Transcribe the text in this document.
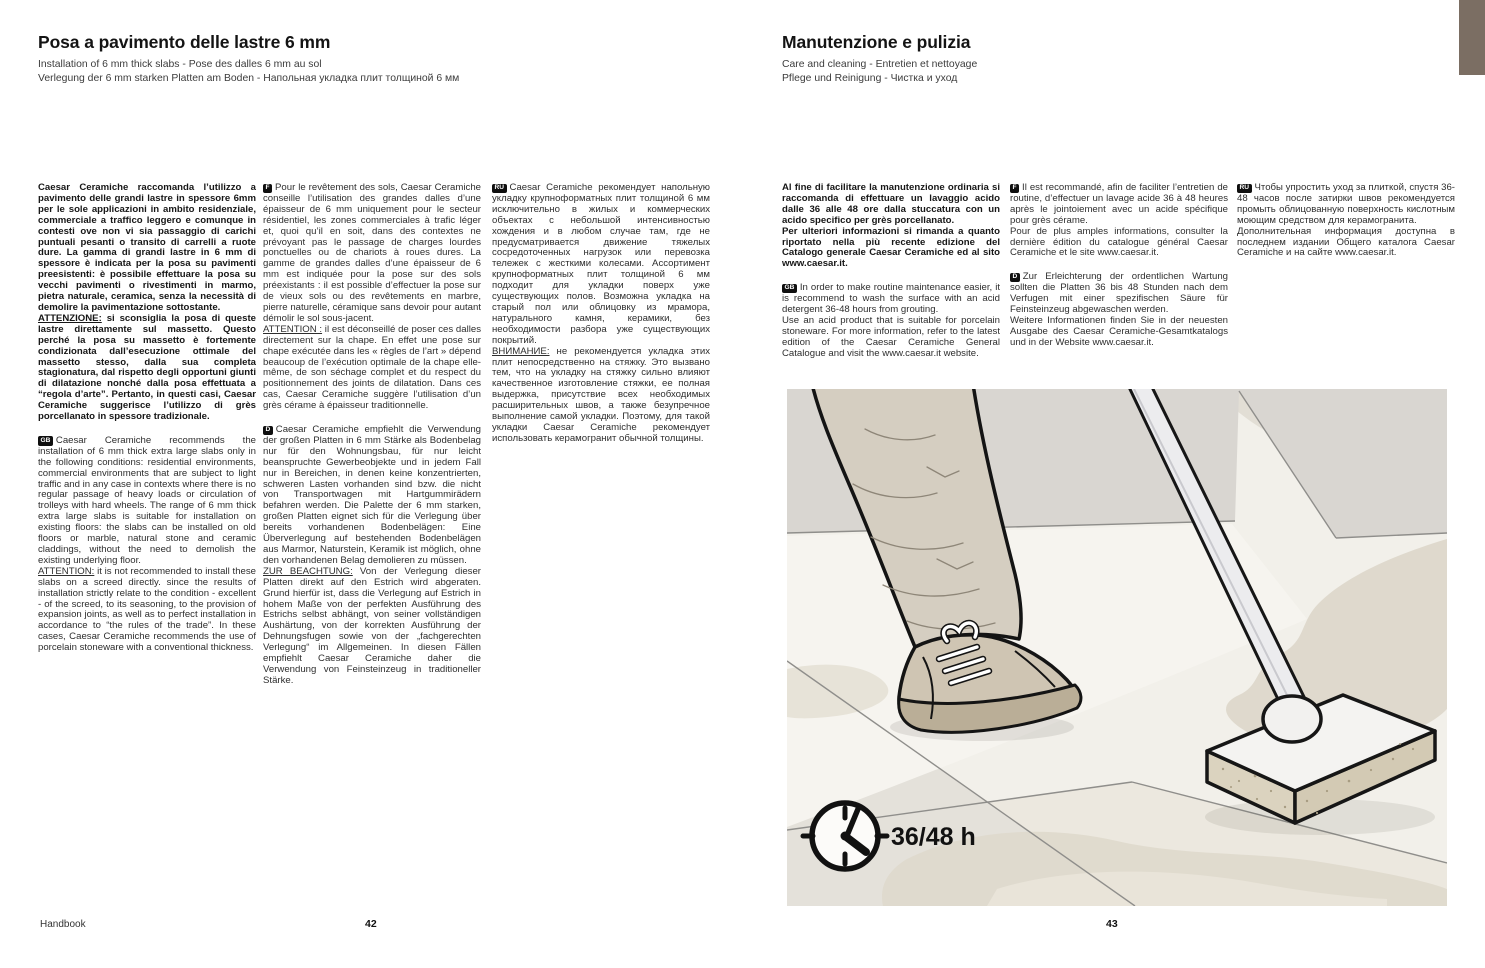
Posa a pavimento delle lastre 6 mm
Installation of 6 mm thick slabs - Pose des dalles 6 mm au sol
Verlegung der 6 mm starken Platten am Boden - Напольная укладка плит толщиной 6 мм
Manutenzione e pulizia
Care and cleaning - Entretien et nettoyage
Pflege und Reinigung - Чистка и уход
Caesar Ceramiche raccomanda l’utilizzo a pavimento delle grandi lastre in spessore 6mm per le sole applicazioni in ambito residenziale, commerciale a traffico leggero e comunque in contesti ove non vi sia passaggio di carichi puntuali pesanti o transito di carrelli a ruote dure. La gamma di grandi lastre in 6 mm di spessore è indicata per la posa su pavimenti preesistenti: è possibile effettuare la posa su vecchi pavimenti o rivestimenti in marmo, pietra naturale, ceramica, senza la necessità di demolire la pavimentazione sottostante.
ATTENZIONE: si sconsiglia la posa di queste lastre direttamente sul massetto. Questo perché la posa su massetto è fortemente condizionata dall’esecuzione ottimale del massetto stesso, dalla sua completa stagionatura, dal rispetto degli opportuni giunti di dilatazione nonché dalla posa effettuata a “regola d’arte”. Pertanto, in questi casi, Caesar Ceramiche suggerisce l’utilizzo di grès porcellanato in spessore tradizionale.
GB Caesar Ceramiche recommends the installation of 6 mm thick extra large slabs only in the following conditions: residential environments, commercial environments that are subject to light traffic and in any case in contexts where there is no regular passage of heavy loads or circulation of trolleys with hard wheels. The range of 6 mm thick extra large slabs is suitable for installation on existing floors: the slabs can be installed on old floors or marble, natural stone and ceramic claddings, without the need to demolish the existing underlying floor.
ATTENTION: it is not recommended to install these slabs on a screed directly. since the results of installation strictly relate to the condition - excellent - of the screed, to its seasoning, to the provision of expansion joints, as well as to perfect installation in accordance to “the rules of the trade”. In these cases, Caesar Ceramiche recommends the use of porcelain stoneware with a conventional thickness.
F Pour le revêtement des sols, Caesar Ceramiche conseille l’utilisation des grandes dalles d’une épaisseur de 6 mm uniquement pour le secteur résidentiel, les zones commerciales à trafic léger et, quoi qu’il en soit, dans des contextes ne prévoyant pas le passage de charges lourdes ponctuelles ou de chariots à roues dures. La gamme de grandes dalles d’une épaisseur de 6 mm est indiquée pour la pose sur des sols préexistants : il est possible d’effectuer la pose sur de vieux sols ou des revêtements en marbre, pierre naturelle, céramique sans devoir pour autant démolir le sol sous-jacent.
ATTENTION : il est déconseillé de poser ces dalles directement sur la chape. En effet une pose sur chape exécutée dans les « règles de l’art » dépend beaucoup de l’exécution optimale de la chape elle-même, de son séchage complet et du respect du positionnement des joints de dilatation. Dans ces cas, Caesar Ceramiche suggère l’utilisation d’un grès cérame à épaisseur traditionnelle.
D Caesar Ceramiche empfiehlt die Verwendung der großen Platten in 6 mm Stärke als Bodenbelag nur für den Wohnungsbau, für nur leicht beanspruchte Gewerbeobjekte und in jedem Fall nur in Bereichen, in denen keine konzentrierten, schweren Lasten vorhanden sind bzw. die nicht von Transportwagen mit Hartgummirädern befahren werden. Die Palette der 6 mm starken, großen Platten eignet sich für die Verlegung über bereits vorhandenen Bodenbelägen: Eine Überverlegung auf bestehenden Bodenbelägen aus Marmor, Naturstein, Keramik ist möglich, ohne den vorhandenen Belag demolieren zu müssen.
ZUR BEACHTUNG: Von der Verlegung dieser Platten direkt auf den Estrich wird abgeraten. Grund hierfür ist, dass die Verlegung auf Estrich in hohem Maße von der perfekten Ausführung des Estrichs selbst abhängt, von seiner vollständigen Aushärtung, von der korrekten Ausführung der Dehnungsfugen sowie von der „fachgerechten Verlegung“ im Allgemeinen. In diesen Fällen empfiehlt Caesar Ceramiche daher die Verwendung von Feinsteinzeug in traditioneller Stärke.
RU Caesar Ceramiche рекомендует напольную укладку крупноформатных плит толщиной 6 мм исключительно в жилых и коммерческих объектах с небольшой интенсивностью хождения и в любом случае там, где не предусматривается движение тяжелых сосредоточенных нагрузок или перевозка тележек с жесткими колесами. Ассортимент крупноформатных плит толщиной 6 мм подходит для укладки поверх уже существующих полов. Возможна укладка на старый пол или облицовку из мрамора, натурального камня, керамики, без необходимости разбора уже существующих покрытий.
ВНИМАНИЕ: не рекомендуется укладка этих плит непосредственно на стяжку. Это вызвано тем, что на укладку на стяжку сильно влияют качественное изготовление стяжки, ее полная выдержка, присутствие всех необходимых расширительных швов, а также безупречное выполнение самой укладки. Поэтому, для такой укладки Caesar Ceramiche рекомендует использовать керамогранит обычной толщины.
Al fine di facilitare la manutenzione ordinaria si raccomanda di effettuare un lavaggio acido dalle 36 alle 48 ore dalla stuccatura con un acido specifico per grès porcellanato.
Per ulteriori informazioni si rimanda a quanto riportato nella più recente edizione del Catalogo generale Caesar Ceramiche ed al sito www.caesar.it.
GB In order to make routine maintenance easier, it is recommend to wash the surface with an acid detergent 36-48 hours from grouting.
Use an acid product that is suitable for porcelain stoneware. For more information, refer to the latest edition of the Caesar Ceramiche General Catalogue and visit the www.caesar.it website.
F Il est recommandé, afin de faciliter l’entretien de routine, d’effectuer un lavage acide 36 à 48 heures après le jointoiement avec un acide spécifique pour grès cérame.
Pour de plus amples informations, consulter la dernière édition du catalogue général Caesar Ceramiche et le site www.caesar.it.
D Zur Erleichterung der ordentlichen Wartung sollten die Platten 36 bis 48 Stunden nach dem Verfugen mit einer spezifischen Säure für Feinsteinzeug abgewaschen werden.
Weitere Informationen finden Sie in der neuesten Ausgabe des Caesar Ceramiche-Gesamtkatalogs und in der Website www.caesar.it.
RU Чтобы упростить уход за плиткой, спустя 36-48 часов после затирки швов рекомендуется промыть облицованную поверхность кислотным моющим средством для керамогранита.
Дополнительная информация доступна в последнем издании Общего каталога Caesar Ceramiche и на сайте www.caesar.it.
36/48 h
Handbook	42	43
